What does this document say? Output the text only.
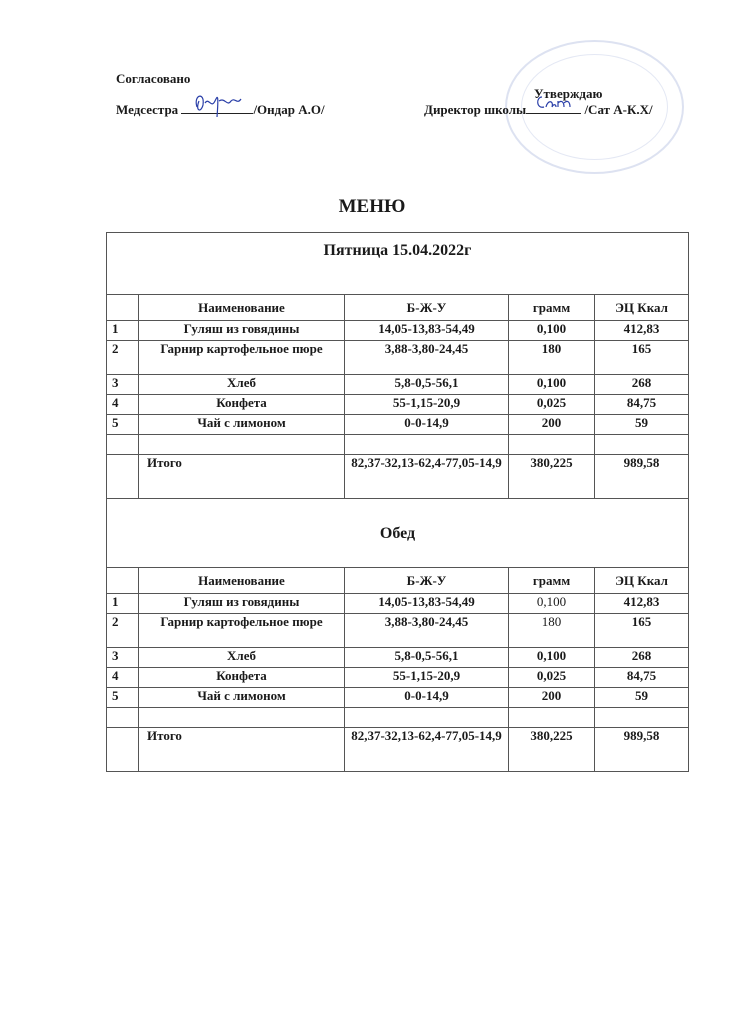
Согласовано
Медсестра	/Ондар А.О/
Утверждаю
Директор школы	/Сат А-К.Х/
МЕНЮ
Пятница 15.04.2022г				
	Наименование	Б-Ж-У	грамм	ЭЦ Ккал
1	Гуляш из говядины	14,05-13,83-54,49	0,100	412,83
2	Гарнир картофельное пюре	3,88-3,80-24,45	180	165
3	Хлеб	5,8-0,5-56,1	0,100	268
4	Конфета	55-1,15-20,9	0,025	84,75
5	Чай с лимоном	0-0-14,9	200	59

	Итого	82,37-32,13-62,4-77,05-14,9	380,225	989,58
Обед				
	Наименование	Б-Ж-У	грамм	ЭЦ Ккал
1	Гуляш из говядины	14,05-13,83-54,49	0,100	412,83
2	Гарнир картофельное пюре	3,88-3,80-24,45	180	165
3	Хлеб	5,8-0,5-56,1	0,100	268
4	Конфета	55-1,15-20,9	0,025	84,75
5	Чай с лимоном	0-0-14,9	200	59

	Итого	82,37-32,13-62,4-77,05-14,9	380,225	989,58
